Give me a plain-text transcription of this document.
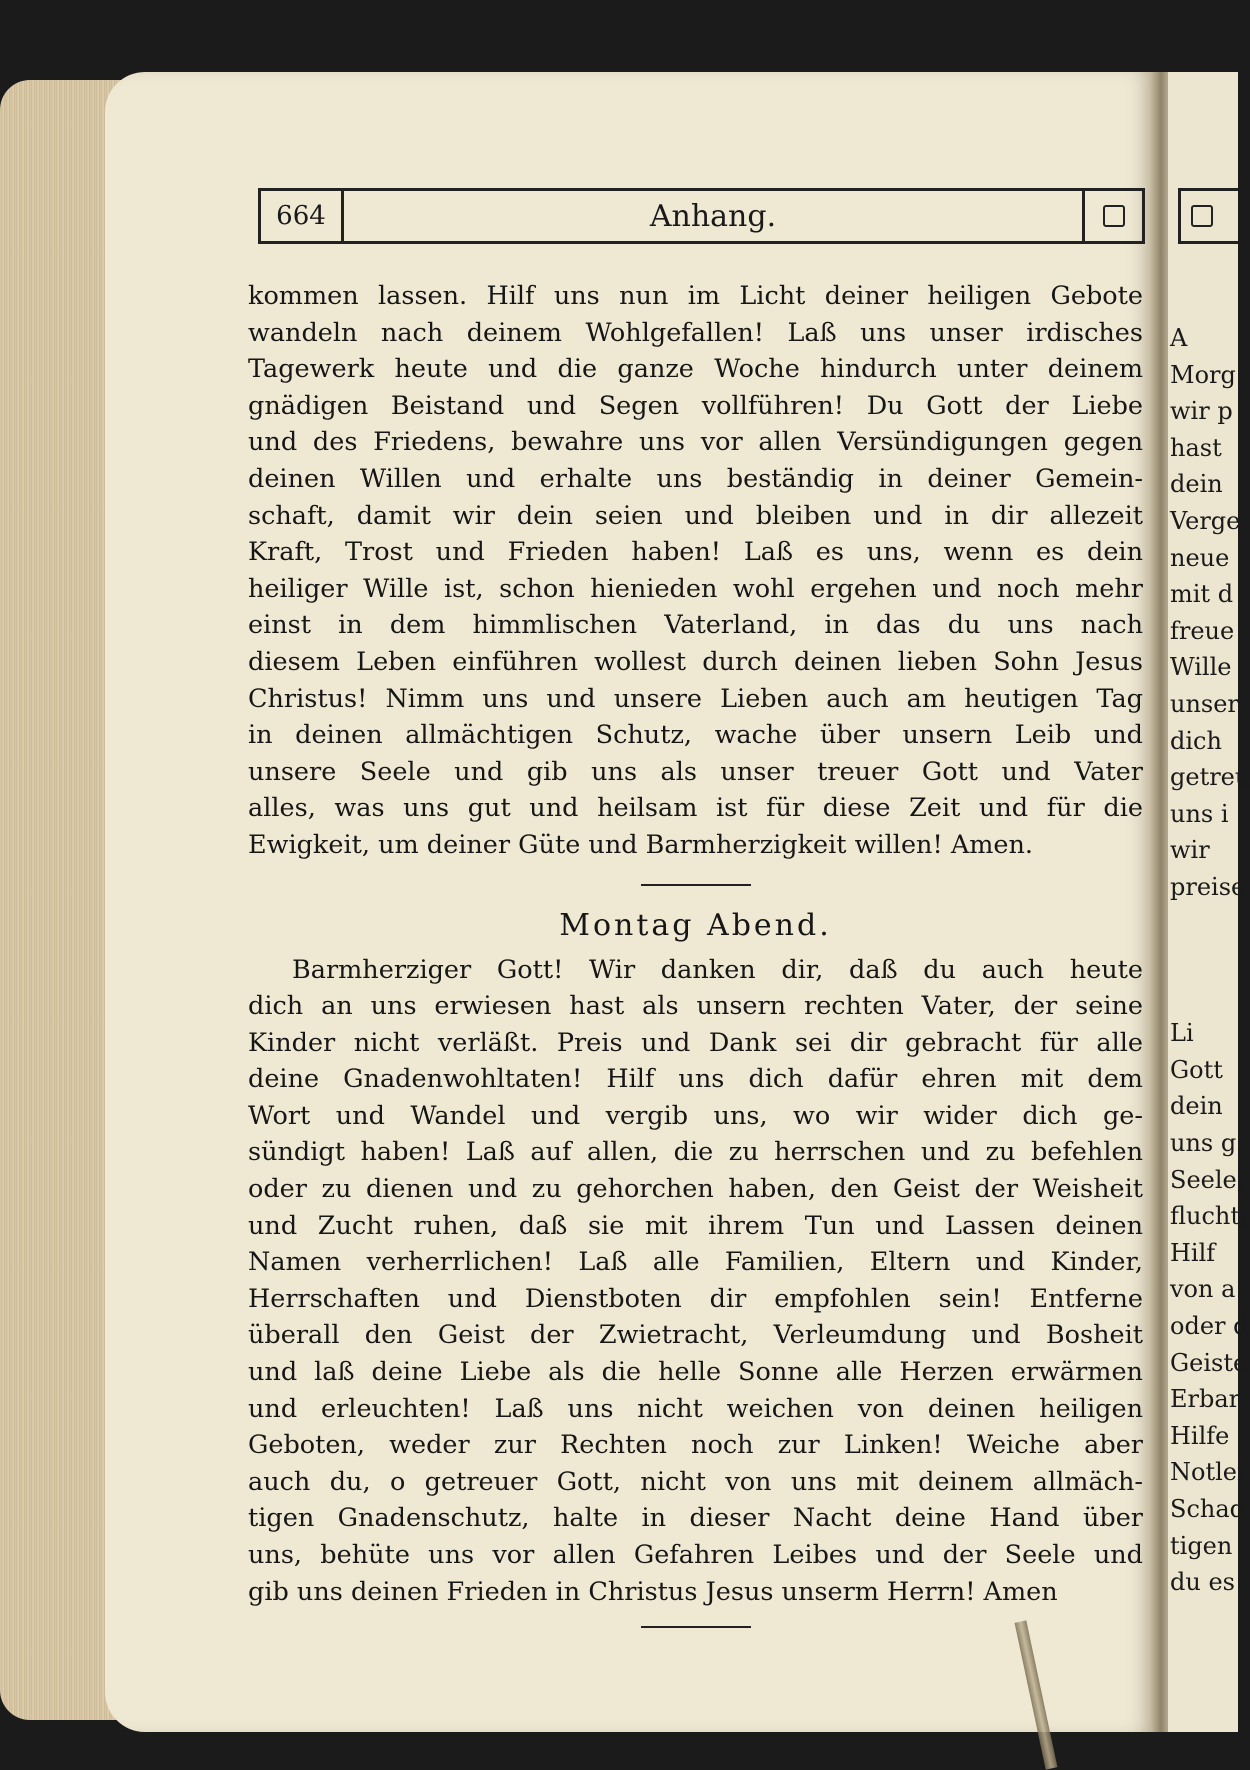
664	Anhang.
kommen lassen. Hilf uns nun im Licht deiner heiligen Gebote
wandeln nach deinem Wohlgefallen! Laß uns unser irdisches
Tagewerk heute und die ganze Woche hindurch unter deinem
gnädigen Beistand und Segen vollführen! Du Gott der Liebe
und des Friedens, bewahre uns vor allen Versündigungen gegen
deinen Willen und erhalte uns beständig in deiner Gemein-
schaft, damit wir dein seien und bleiben und in dir allezeit
Kraft, Trost und Frieden haben! Laß es uns, wenn es dein
heiliger Wille ist, schon hienieden wohl ergehen und noch mehr
einst in dem himmlischen Vaterland, in das du uns nach
diesem Leben einführen wollest durch deinen lieben Sohn Jesus
Christus! Nimm uns und unsere Lieben auch am heutigen Tag
in deinen allmächtigen Schutz, wache über unsern Leib und
unsere Seele und gib uns als unser treuer Gott und Vater
alles, was uns gut und heilsam ist für diese Zeit und für die
Ewigkeit, um deiner Güte und Barmherzigkeit willen! Amen.
Montag Abend.
Barmherziger Gott! Wir danken dir, daß du auch heute
dich an uns erwiesen hast als unsern rechten Vater, der seine
Kinder nicht verläßt. Preis und Dank sei dir gebracht für alle
deine Gnadenwohltaten! Hilf uns dich dafür ehren mit dem
Wort und Wandel und vergib uns, wo wir wider dich ge-
sündigt haben! Laß auf allen, die zu herrschen und zu befehlen
oder zu dienen und zu gehorchen haben, den Geist der Weisheit
und Zucht ruhen, daß sie mit ihrem Tun und Lassen deinen
Namen verherrlichen! Laß alle Familien, Eltern und Kinder,
Herrschaften und Dienstboten dir empfohlen sein! Entferne
überall den Geist der Zwietracht, Verleumdung und Bosheit
und laß deine Liebe als die helle Sonne alle Herzen erwärmen
und erleuchten! Laß uns nicht weichen von deinen heiligen
Geboten, weder zur Rechten noch zur Linken! Weiche aber
auch du, o getreuer Gott, nicht von uns mit deinem allmäch-
tigen Gnadenschutz, halte in dieser Nacht deine Hand über
uns, behüte uns vor allen Gefahren Leibes und der Seele und
gib uns deinen Frieden in Christus Jesus unserm Herrn! Amen
A
Morg
wir p
hast
dein
Verge
neue
mit d
freue
Wille
unser
dich
getreu
uns i
wir
preise
Li
Gott
dein
uns g
Seele,
flucht,
Hilf
von a
oder d
Geiste
Erbar
Hilfe
Notlei
Schad
tigen
du es
